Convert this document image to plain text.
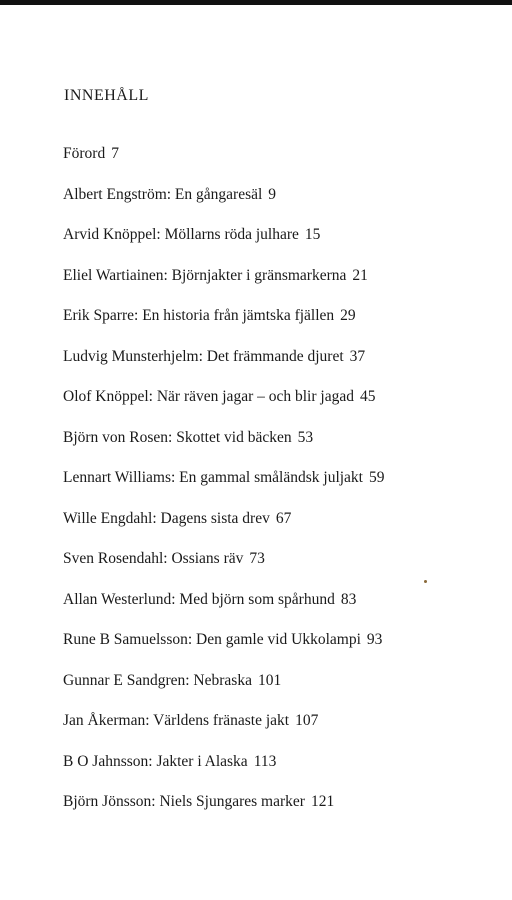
INNEHÅLL
Förord 7
Albert Engström: En gångaresäl 9
Arvid Knöppel: Möllarns röda julhare 15
Eliel Wartiainen: Björnjakter i gränsmarkerna 21
Erik Sparre: En historia från jämtska fjällen 29
Ludvig Munsterhjelm: Det främmande djuret 37
Olof Knöppel: När räven jagar – och blir jagad 45
Björn von Rosen: Skottet vid bäcken 53
Lennart Williams: En gammal småländsk juljakt 59
Wille Engdahl: Dagens sista drev 67
Sven Rosendahl: Ossians räv 73
Allan Westerlund: Med björn som spårhund 83
Rune B Samuelsson: Den gamle vid Ukkolampi 93
Gunnar E Sandgren: Nebraska 101
Jan Åkerman: Världens fränaste jakt 107
B O Jahnsson: Jakter i Alaska 113
Björn Jönsson: Niels Sjungares marker 121
